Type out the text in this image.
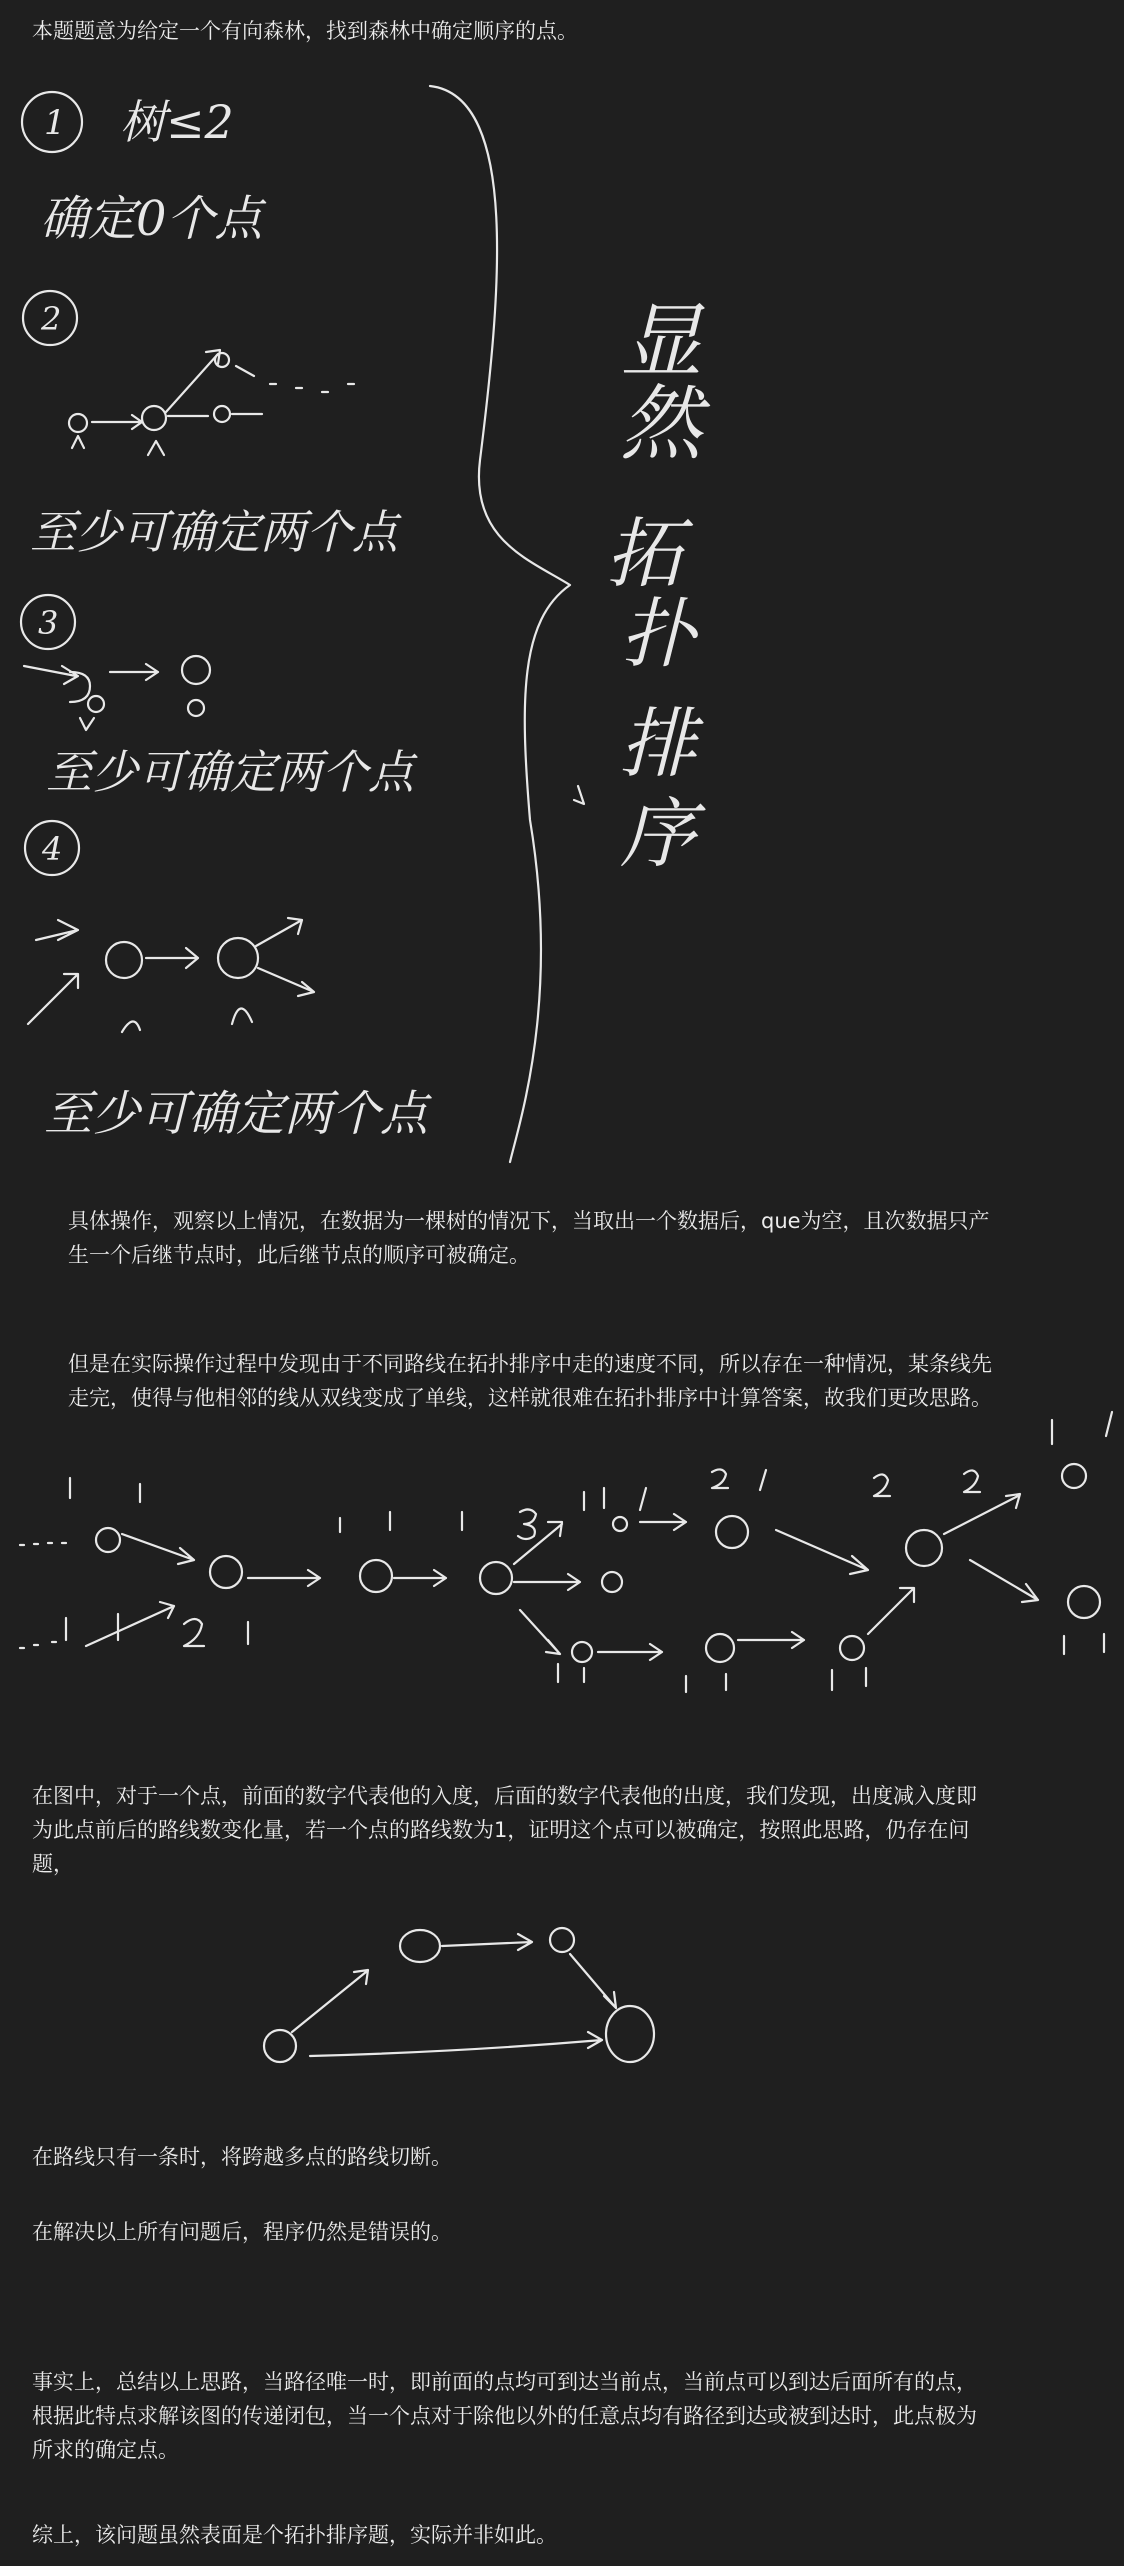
本题题意为给定一个有向森林，找到森林中确定顺序的点。

1 树≤2
确定0个点
2
至少可确定两个点
3
至少可确定两个点
4
至少可确定两个点
显
然
拓
扑
排
序

具体操作，观察以上情况，在数据为一棵树的情况下，当取出一个数据后，que为空，且次数据只产生一个后继节点时，此后继节点的顺序可被确定。

但是在实际操作过程中发现由于不同路线在拓扑排序中走的速度不同，所以存在一种情况，某条线先走完，使得与他相邻的线从双线变成了单线，这样就很难在拓扑排序中计算答案，故我们更改思路。

在图中，对于一个点，前面的数字代表他的入度，后面的数字代表他的出度，我们发现，出度减入度即为此点前后的路线数变化量，若一个点的路线数为1，证明这个点可以被确定，按照此思路，仍存在问题，

在路线只有一条时，将跨越多点的路线切断。

在解决以上所有问题后，程序仍然是错误的。

事实上，总结以上思路，当路径唯一时，即前面的点均可到达当前点，当前点可以到达后面所有的点，根据此特点求解该图的传递闭包，当一个点对于除他以外的任意点均有路径到达或被到达时，此点极为所求的确定点。

综上，该问题虽然表面是个拓扑排序题，实际并非如此。
